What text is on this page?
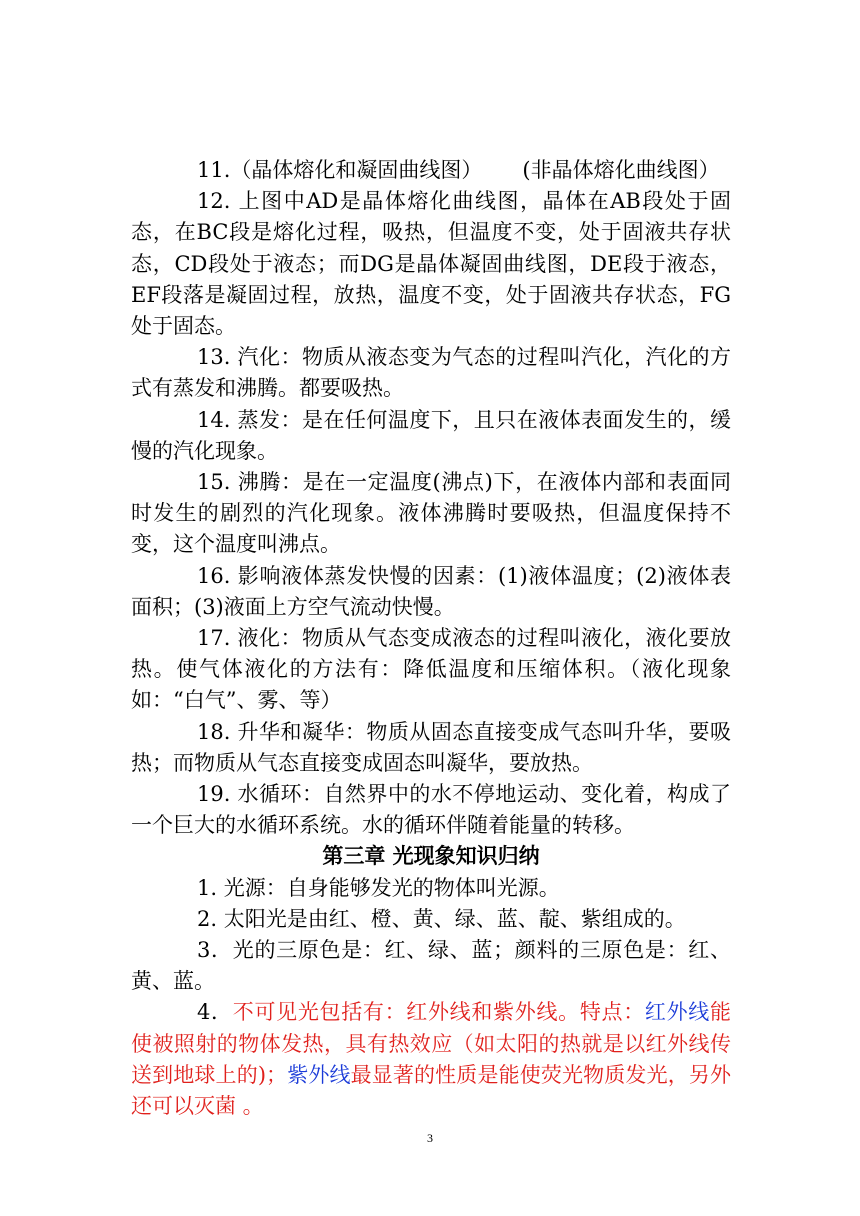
11.（晶体熔化和凝固曲线图） (非晶体熔化曲线图）

12. 上图中AD是晶体熔化曲线图，晶体在AB段处于固态，在BC段是熔化过程，吸热，但温度不变，处于固液共存状态，CD段处于液态；而DG是晶体凝固曲线图，DE段于液态，EF段落是凝固过程，放热，温度不变，处于固液共存状态，FG处于固态。

13. 汽化：物质从液态变为气态的过程叫汽化，汽化的方式有蒸发和沸腾。都要吸热。

14. 蒸发：是在任何温度下，且只在液体表面发生的，缓慢的汽化现象。

15. 沸腾：是在一定温度(沸点)下，在液体内部和表面同时发生的剧烈的汽化现象。液体沸腾时要吸热，但温度保持不变，这个温度叫沸点。

16. 影响液体蒸发快慢的因素：(1)液体温度；(2)液体表面积；(3)液面上方空气流动快慢。

17. 液化：物质从气态变成液态的过程叫液化，液化要放热。使气体液化的方法有：降低温度和压缩体积。（液化现象如：“白气”、雾、等）

18. 升华和凝华：物质从固态直接变成气态叫升华，要吸热；而物质从气态直接变成固态叫凝华，要放热。

19. 水循环：自然界中的水不停地运动、变化着，构成了一个巨大的水循环系统。水的循环伴随着能量的转移。

第三章 光现象知识归纳

1. 光源：自身能够发光的物体叫光源。

2. 太阳光是由红、橙、黄、绿、蓝、靛、紫组成的。

3．光的三原色是：红、绿、蓝；颜料的三原色是：红、黄、蓝。

4．不可见光包括有：红外线和紫外线。特点：红外线能使被照射的物体发热，具有热效应（如太阳的热就是以红外线传送到地球上的)；紫外线最显著的性质是能使荧光物质发光，另外还可以灭菌 。

3
